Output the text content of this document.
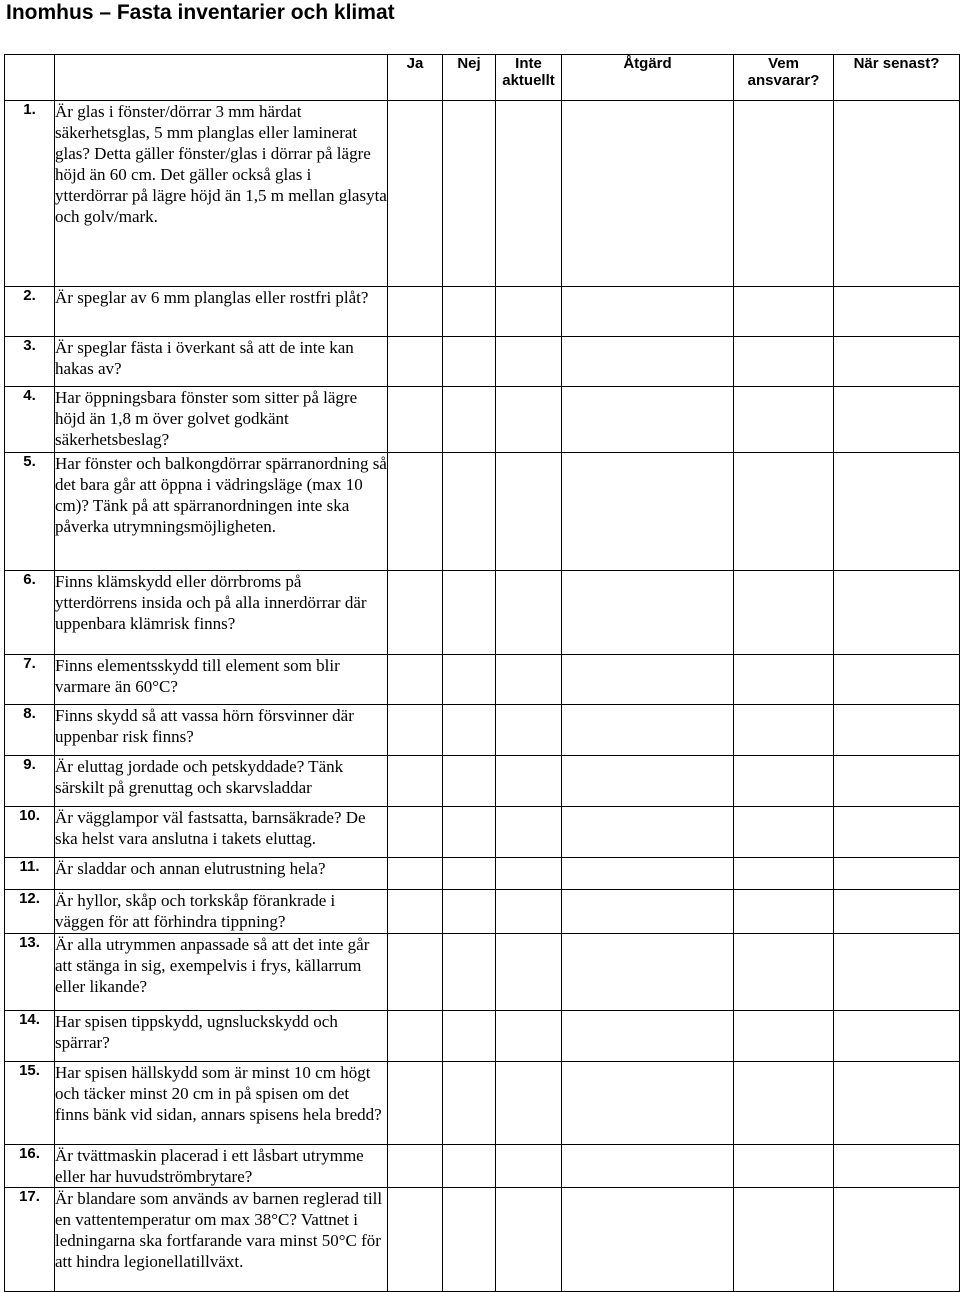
Inomhus – Fasta inventarier och klimat
		Ja	Nej	Inte aktuellt	Åtgärd	Vem ansvarar?	När senast?
1.	Är glas i fönster/dörrar 3 mm härdat säkerhetsglas, 5 mm planglas eller laminerat glas? Detta gäller fönster/glas i dörrar på lägre höjd än 60 cm. Det gäller också glas i ytterdörrar på lägre höjd än 1,5 m mellan glasyta och golv/mark.						
2.	Är speglar av 6 mm planglas eller rostfri plåt?						
3.	Är speglar fästa i överkant så att de inte kan hakas av?						
4.	Har öppningsbara fönster som sitter på lägre höjd än 1,8 m över golvet godkänt säkerhetsbeslag?						
5.	Har fönster och balkongdörrar spärranordning så det bara går att öppna i vädringsläge (max 10 cm)? Tänk på att spärranordningen inte ska påverka utrymningsmöjligheten.						
6.	Finns klämskydd eller dörrbroms på ytterdörrens insida och på alla innerdörrar där uppenbara klämrisk finns?						
7.	Finns elementsskydd till element som blir varmare än 60°C?						
8.	Finns skydd så att vassa hörn försvinner där uppenbar risk finns?						
9.	Är eluttag jordade och petskyddade? Tänk särskilt på grenuttag och skarvsladdar						
10.	Är vägglampor väl fastsatta, barnsäkrade? De ska helst vara anslutna i takets eluttag.						
11.	Är sladdar och annan elutrustning hela?						
12.	Är hyllor, skåp och torkskåp förankrade i väggen för att förhindra tippning?						
13.	Är alla utrymmen anpassade så att det inte går att stänga in sig, exempelvis i frys, källarrum eller likande?						
14.	Har spisen tippskydd, ugnsluckskydd och spärrar?						
15.	Har spisen hällskydd som är minst 10 cm högt och täcker minst 20 cm in på spisen om det finns bänk vid sidan, annars spisens hela bredd?						
16.	Är tvättmaskin placerad i ett låsbart utrymme eller har huvudströmbrytare?						
17.	Är blandare som används av barnen reglerad till en vattentemperatur om max 38°C? Vattnet i ledningarna ska fortfarande vara minst 50°C för att hindra legionellatillväxt.						
